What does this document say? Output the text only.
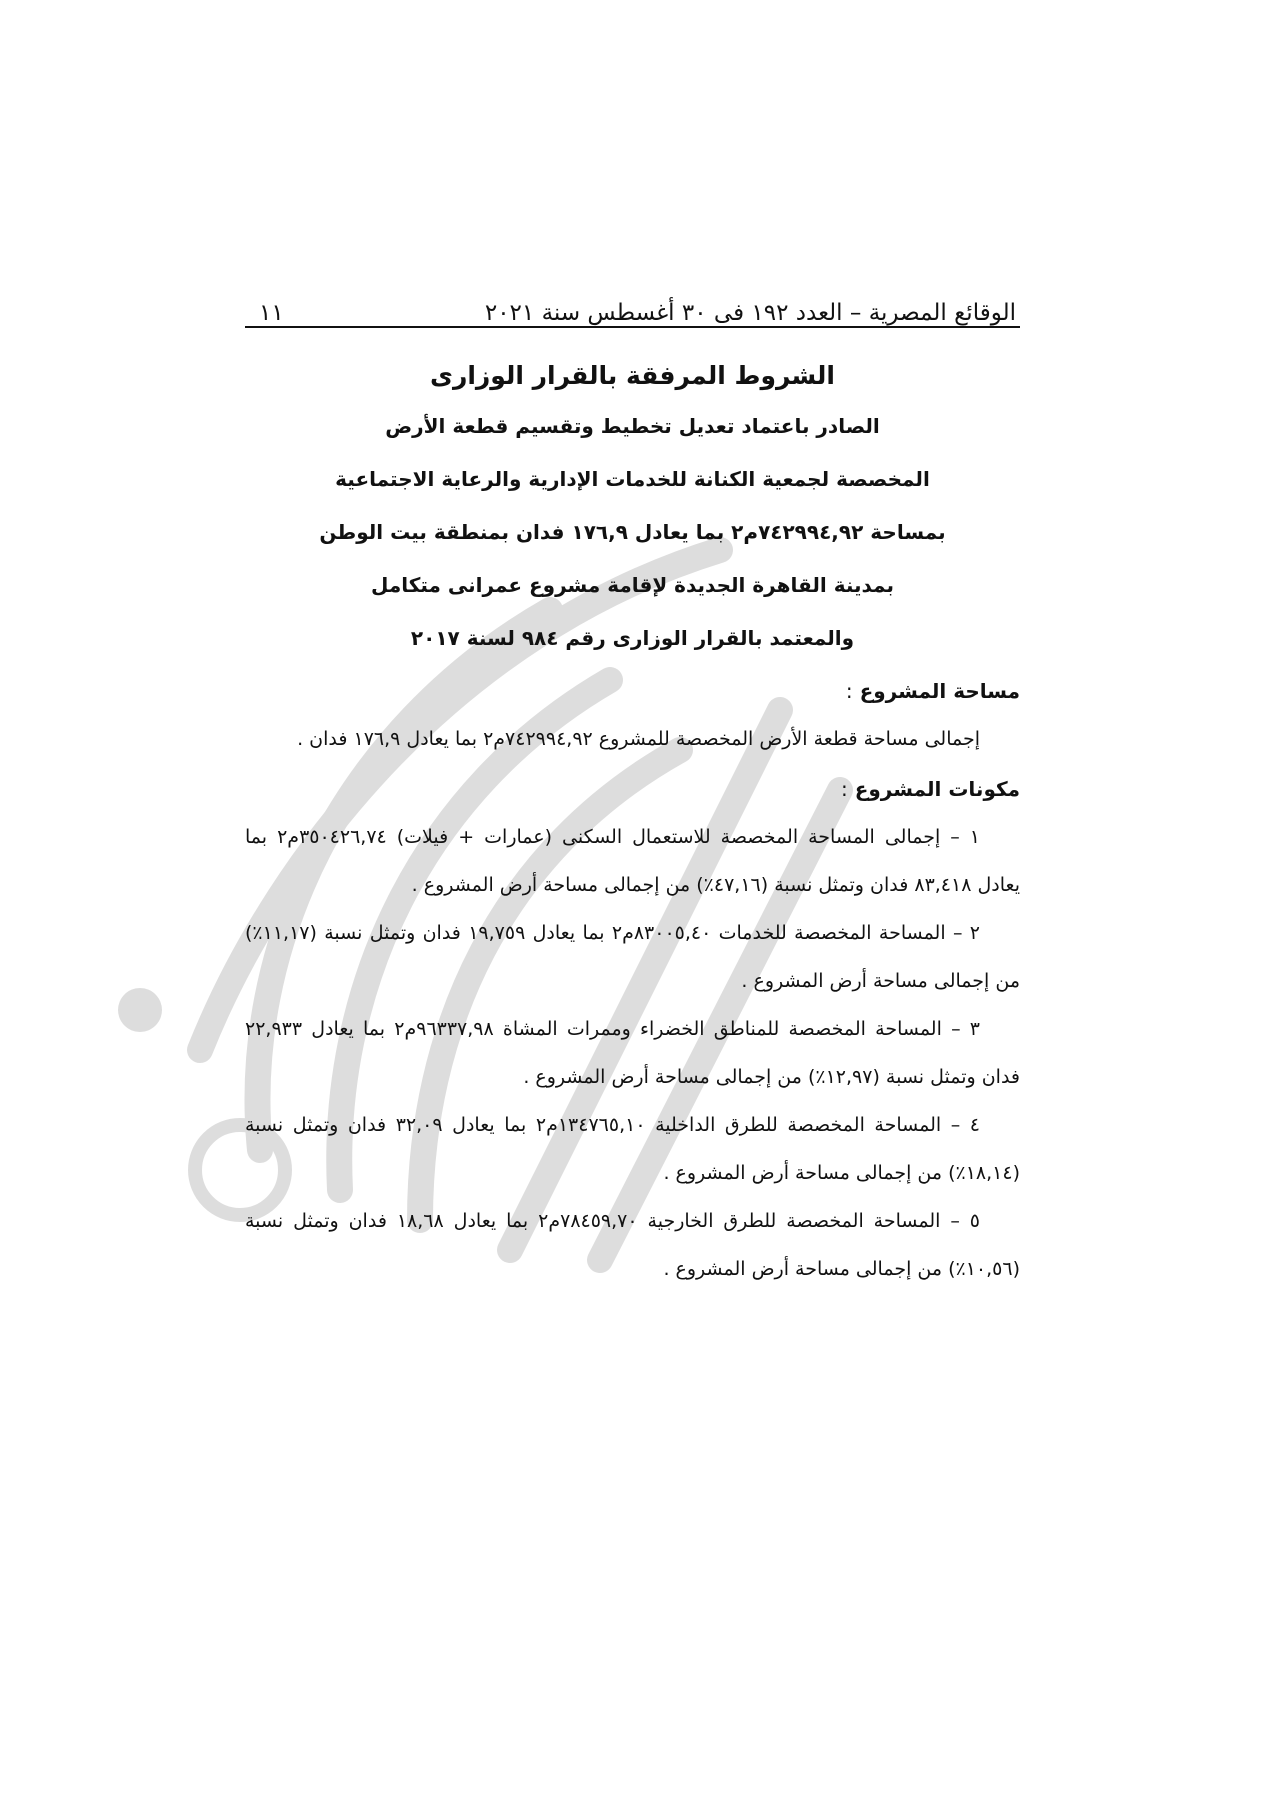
الوقائع المصرية – العدد ١٩٢ فى ٣٠ أغسطس سنة ٢٠٢١
١١
الشروط المرفقة بالقرار الوزارى
الصادر باعتماد تعديل تخطيط وتقسيم قطعة الأرض
المخصصة لجمعية الكنانة للخدمات الإدارية والرعاية الاجتماعية
بمساحة ٧٤٢٩٩٤,٩٢م٢ بما يعادل ١٧٦,٩ فدان بمنطقة بيت الوطن
بمدينة القاهرة الجديدة لإقامة مشروع عمرانى متكامل
والمعتمد بالقرار الوزارى رقم ٩٨٤ لسنة ٢٠١٧
مساحة المشروع :

إجمالى مساحة قطعة الأرض المخصصة للمشروع ٧٤٢٩٩٤,٩٢م٢ بما يعادل ١٧٦,٩ فدان .

مكونات المشروع :

١ – إجمالى المساحة المخصصة للاستعمال السكنى (عمارات + فيلات) ٣٥٠٤٢٦,٧٤م٢ بما يعادل ٨٣,٤١٨ فدان وتمثل نسبة (٤٧,١٦٪) من إجمالى مساحة أرض المشروع .

٢ – المساحة المخصصة للخدمات ٨٣٠٠٥,٤٠م٢ بما يعادل ١٩,٧٥٩ فدان وتمثل نسبة (١١,١٧٪) من إجمالى مساحة أرض المشروع .

٣ – المساحة المخصصة للمناطق الخضراء وممرات المشاة ٩٦٣٣٧,٩٨م٢ بما يعادل ٢٢,٩٣٣ فدان وتمثل نسبة (١٢,٩٧٪) من إجمالى مساحة أرض المشروع .

٤ – المساحة المخصصة للطرق الداخلية ١٣٤٧٦٥,١٠م٢ بما يعادل ٣٢,٠٩ فدان وتمثل نسبة (١٨,١٤٪) من إجمالى مساحة أرض المشروع .

٥ – المساحة المخصصة للطرق الخارجية ٧٨٤٥٩,٧٠م٢ بما يعادل ١٨,٦٨ فدان وتمثل نسبة (١٠,٥٦٪) من إجمالى مساحة أرض المشروع .
